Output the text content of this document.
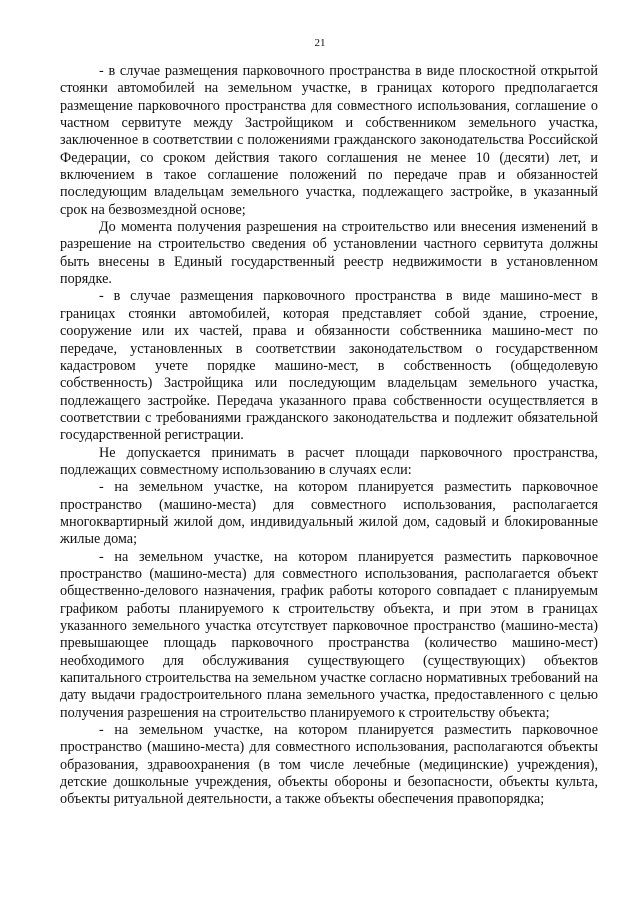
21

- в случае размещения парковочного пространства в виде плоскостной открытой стоянки автомобилей на земельном участке, в границах которого предполагается размещение парковочного пространства для совместного использования, соглашение о частном сервитуте между Застройщиком и собственником земельного участка, заключенное в соответствии с положениями гражданского законодательства Российской Федерации, со сроком действия такого соглашения не менее 10 (десяти) лет, и включением в такое соглашение положений по передаче прав и обязанностей последующим владельцам земельного участка, подлежащего застройке, в указанный срок на безвозмездной основе;

До момента получения разрешения на строительство или внесения изменений в разрешение на строительство сведения об установлении частного сервитута должны быть внесены в Единый государственный реестр недвижимости в установленном порядке.

- в случае размещения парковочного пространства в виде машино-мест в границах стоянки автомобилей, которая представляет собой здание, строение, сооружение или их частей, права и обязанности собственника машино-мест по передаче, установленных в соответствии законодательством о государственном кадастровом учете порядке машино-мест, в собственность (общедолевую собственность) Застройщика или последующим владельцам земельного участка, подлежащего застройке. Передача указанного права собственности осуществляется в соответствии с требованиями гражданского законодательства и подлежит обязательной государственной регистрации.

Не допускается принимать в расчет площади парковочного пространства, подлежащих совместному использованию в случаях если:

- на земельном участке, на котором планируется разместить парковочное пространство (машино-места) для совместного использования, располагается многоквартирный жилой дом, индивидуальный жилой дом, садовый и блокированные жилые дома;

- на земельном участке, на котором планируется разместить парковочное пространство (машино-места) для совместного использования, располагается объект общественно-делового назначения, график работы которого совпадает с планируемым графиком работы планируемого к строительству объекта, и при этом в границах указанного земельного участка отсутствует парковочное пространство (машино-места) превышающее площадь парковочного пространства (количество машино-мест) необходимого для обслуживания существующего (существующих) объектов капитального строительства на земельном участке согласно нормативных требований на дату выдачи градостроительного плана земельного участка, предоставленного с целью получения разрешения на строительство планируемого к строительству объекта;

- на земельном участке, на котором планируется разместить парковочное пространство (машино-места) для совместного использования, располагаются объекты образования, здравоохранения (в том числе лечебные (медицинские) учреждения), детские дошкольные учреждения, объекты обороны и безопасности, объекты культа, объекты ритуальной деятельности, а также объекты обеспечения правопорядка;
